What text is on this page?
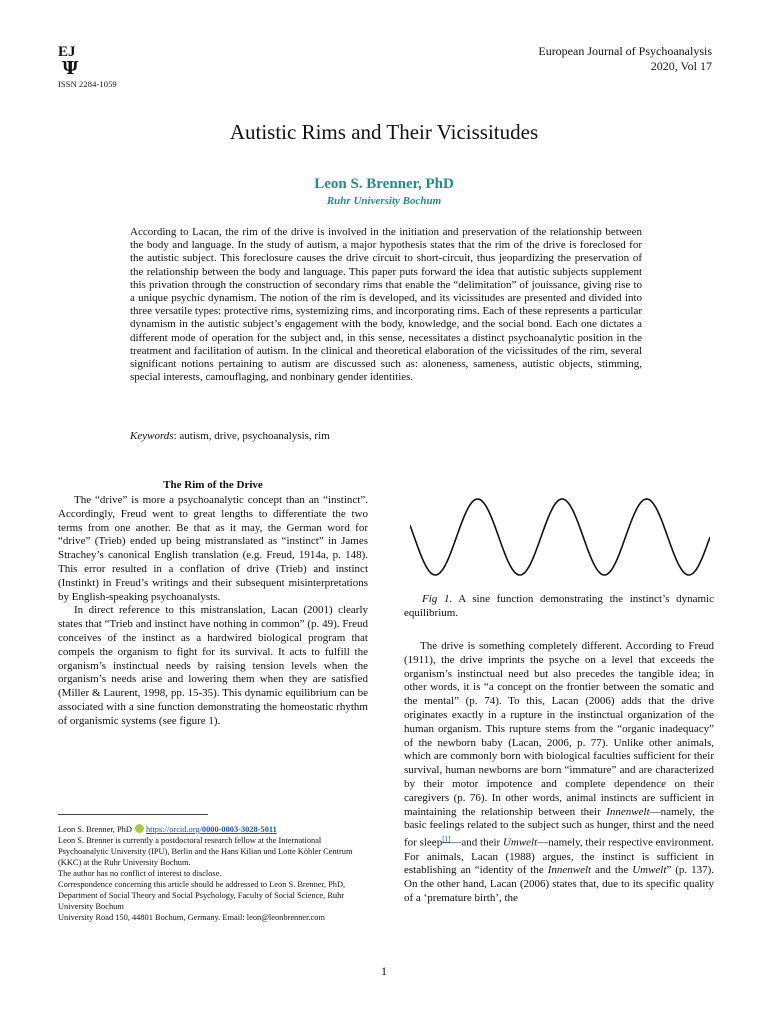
EJ
Ψ
ISSN 2284-1059
European Journal of Psychoanalysis
2020, Vol 17
Autistic Rims and Their Vicissitudes
Leon S. Brenner, PhD
Ruhr University Bochum
According to Lacan, the rim of the drive is involved in the initiation and preservation of the relationship between the body and language. In the study of autism, a major hypothesis states that the rim of the drive is foreclosed for the autistic subject. This foreclosure causes the drive circuit to short-circuit, thus jeopardizing the preservation of the relationship between the body and language. This paper puts forward the idea that autistic subjects supplement this privation through the construction of secondary rims that enable the “delimitation” of jouissance, giving rise to a unique psychic dynamism. The notion of the rim is developed, and its vicissitudes are presented and divided into three versatile types: protective rims, systemizing rims, and incorporating rims. Each of these represents a particular dynamism in the autistic subject’s engagement with the body, knowledge, and the social bond. Each one dictates a different mode of operation for the subject and, in this sense, necessitates a distinct psychoanalytic position in the treatment and facilitation of autism. In the clinical and theoretical elaboration of the vicissitudes of the rim, several significant notions pertaining to autism are discussed such as: aloneness, sameness, autistic objects, stimming, special interests, camouflaging, and nonbinary gender identities.
Keywords: autism, drive, psychoanalysis, rim
The Rim of the Drive

The “drive” is more a psychoanalytic concept than an “instinct”. Accordingly, Freud went to great lengths to differentiate the two terms from one another. Be that as it may, the German word for “drive” (Trieb) ended up being mistranslated as “instinct” in James Strachey’s canonical English translation (e.g. Freud, 1914a, p. 148). This error resulted in a conflation of drive (Trieb) and instinct (Instinkt) in Freud’s writings and their subsequent misinterpretations by English-speaking psychoanalysts.

In direct reference to this mistranslation, Lacan (2001) clearly states that “Trieb and instinct have nothing in common” (p. 49). Freud conceives of the instinct as a hardwired biological program that compels the organism to fight for its survival. It acts to fulfill the organism’s instinctual needs by raising tension levels when the organism’s needs arise and lowering them when they are satisfied (Miller & Laurent, 1998, pp. 15-35). This dynamic equilibrium can be associated with a sine function demonstrating the homeostatic rhythm of organismic systems (see figure 1).

Leon S. Brenner, PhD https://orcid.org/0000-0003-3028-5011

Leon S. Brenner is currently a postdoctoral research fellow at the International Psychoanalytic University (IPU), Berlin and the Hans Kilian und Lotte Köhler Centrum (KKC) at the Ruhr University Bochum.

The author has no conflict of interest to disclose.

Correspondence concerning this article should be addressed to Leon S. Brenner, PhD, Department of Social Theory and Social Psychology, Faculty of Social Science, Ruhr University Bochum

University Road 150, 44801 Bochum, Germany. Email: leon@leonbrenner.com

Fig 1. A sine function demonstrating the instinct’s dynamic equilibrium.

The drive is something completely different. According to Freud (1911), the drive imprints the psyche on a level that exceeds the organism’s instinctual need but also precedes the tangible idea; in other words, it is “a concept on the frontier between the somatic and the mental” (p. 74). To this, Lacan (2006) adds that the drive originates exactly in a rupture in the instinctual organization of the human organism. This rupture stems from the “organic inadequacy” of the newborn baby (Lacan, 2006, p. 77). Unlike other animals, which are commonly born with biological faculties sufficient for their survival, human newborns are born “immature” and are characterized by their motor impotence and complete dependence on their caregivers (p. 76). In other words, animal instincts are sufficient in maintaining the relationship between their Innenwelt—namely, the basic feelings related to the subject such as hunger, thirst and the need for sleep[1]—and their Umwelt—namely, their respective environment. For animals, Lacan (1988) argues, the instinct is sufficient in establishing an “identity of the Innenwelt and the Umwelt” (p. 137). On the other hand, Lacan (2006) states that, due to its specific quality of a ‘premature birth’, the

1
